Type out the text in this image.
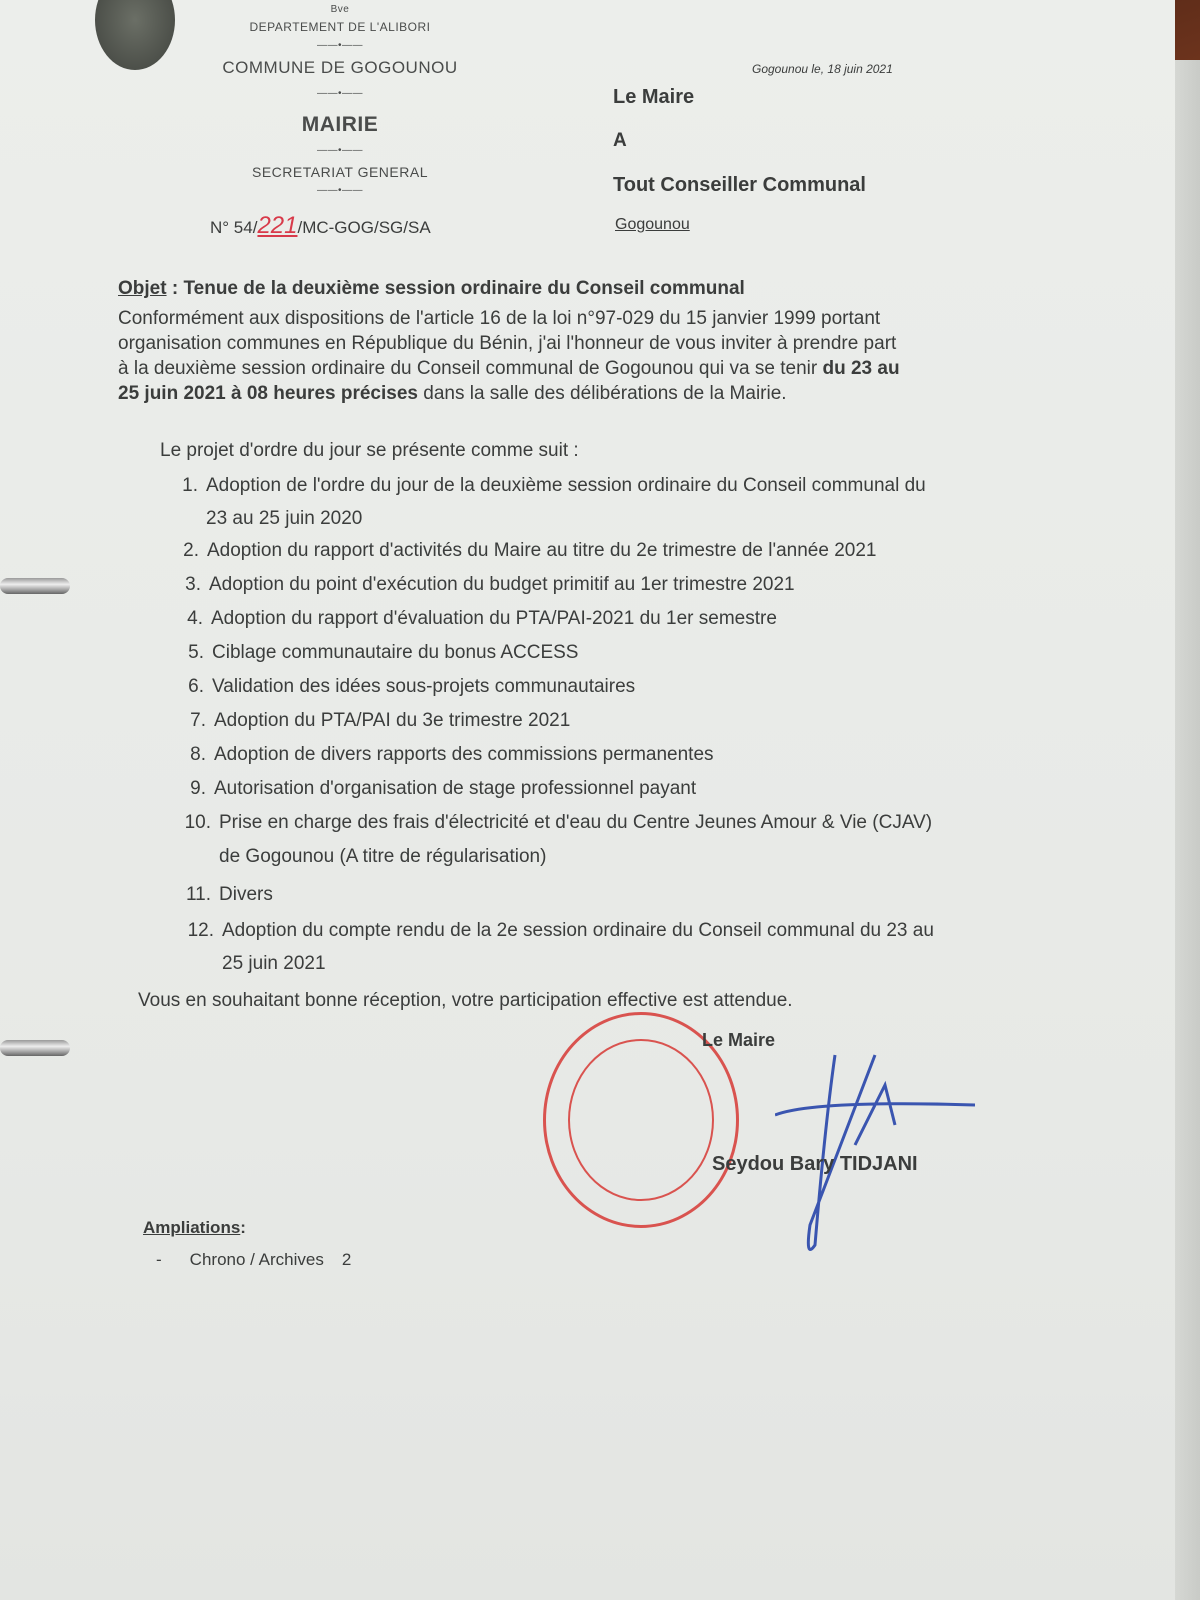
Bve
DEPARTEMENT DE L'ALIBORI
——•——
COMMUNE DE GOGOUNOU
——•——
MAIRIE
——•——
SECRETARIAT GENERAL
——•——
N° 54/221/MC-GOG/SG/SA
Gogounou le, 18 juin 2021
Le Maire
A
Tout Conseiller Communal
Gogounou
Objet : Tenue de la deuxième session ordinaire du Conseil communal
Conformément aux dispositions de l'article 16 de la loi n°97-029 du 15 janvier 1999 portant
organisation communes en République du Bénin, j'ai l'honneur de vous inviter à prendre part
à la deuxième session ordinaire du Conseil communal de Gogounou qui va se tenir du 23 au
25 juin 2021 à 08 heures précises dans la salle des délibérations de la Mairie.
Le projet d'ordre du jour se présente comme suit :
1. Adoption de l'ordre du jour de la deuxième session ordinaire du Conseil communal du
23 au 25 juin 2020
2. Adoption du rapport d'activités du Maire au titre du 2e trimestre de l'année 2021
3. Adoption du point d'exécution du budget primitif au 1er trimestre 2021
4. Adoption du rapport d'évaluation du PTA/PAI-2021 du 1er semestre
5. Ciblage communautaire du bonus ACCESS
6. Validation des idées sous-projets communautaires
7. Adoption du PTA/PAI du 3e trimestre 2021
8. Adoption de divers rapports des commissions permanentes
9. Autorisation d'organisation de stage professionnel payant
10. Prise en charge des frais d'électricité et d'eau du Centre Jeunes Amour & Vie (CJAV)
de Gogounou (A titre de régularisation)
11. Divers
12. Adoption du compte rendu de la 2e session ordinaire du Conseil communal du 23 au
25 juin 2021
Vous en souhaitant bonne réception, votre participation effective est attendue.
Le Maire
Seydou Bary TIDJANI
Ampliations:
- Chrono / Archives 2
